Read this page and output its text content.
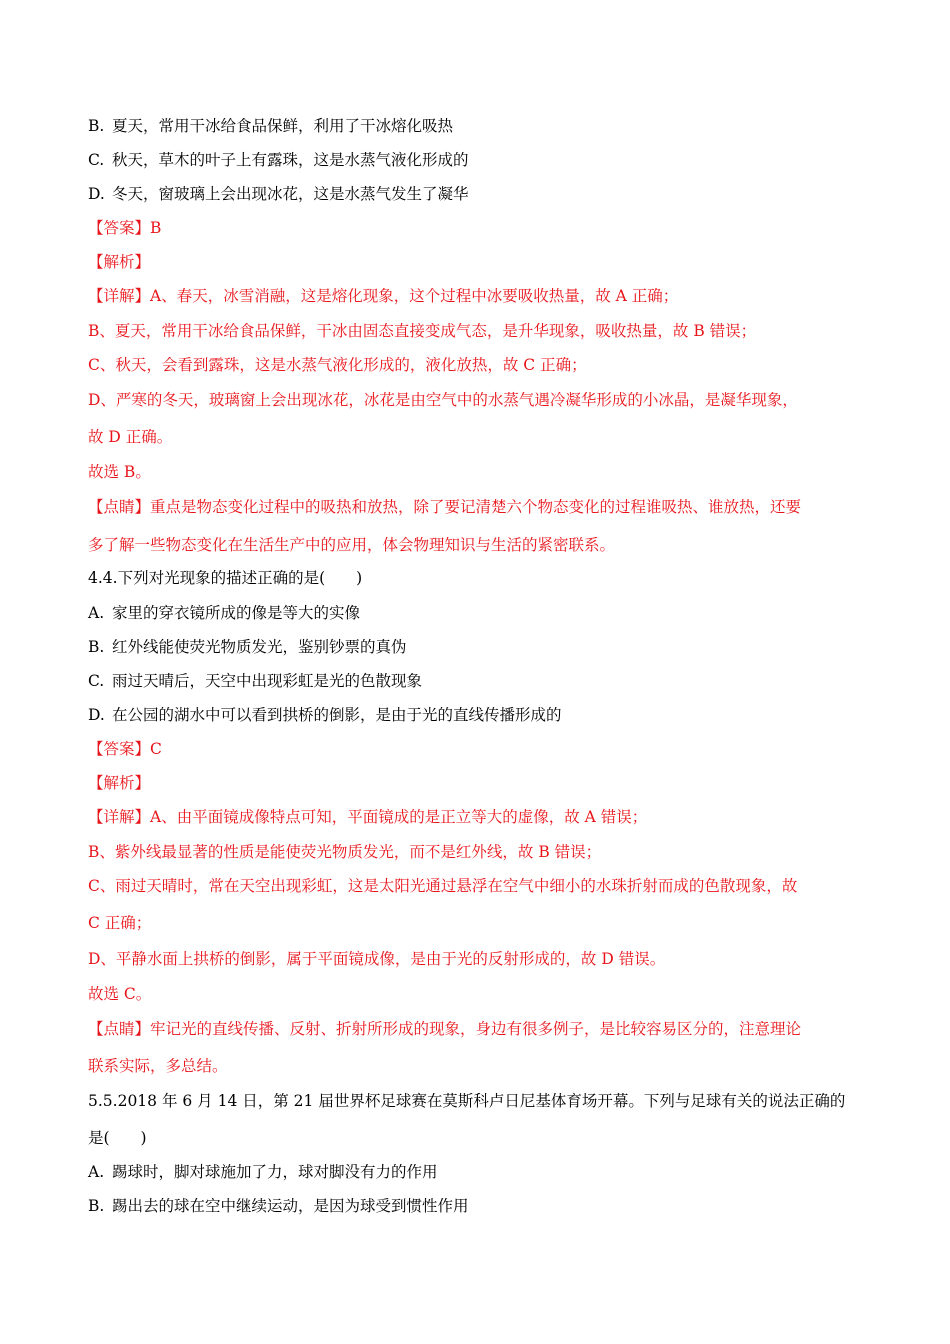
B. 夏天，常用干冰给食品保鲜，利用了干冰熔化吸热
C. 秋天，草木的叶子上有露珠，这是水蒸气液化形成的
D. 冬天，窗玻璃上会出现冰花，这是水蒸气发生了凝华
【答案】B
【解析】
【详解】A、春天，冰雪消融，这是熔化现象，这个过程中冰要吸收热量，故 A 正确；
B、夏天，常用干冰给食品保鲜，干冰由固态直接变成气态，是升华现象，吸收热量，故 B 错误；
C、秋天，会看到露珠，这是水蒸气液化形成的，液化放热，故 C 正确；
D、严寒的冬天，玻璃窗上会出现冰花，冰花是由空气中的水蒸气遇冷凝华形成的小冰晶，是凝华现象，
故 D 正确。
故选 B。
【点睛】重点是物态变化过程中的吸热和放热，除了要记清楚六个物态变化的过程谁吸热、谁放热，还要
多了解一些物态变化在生活生产中的应用，体会物理知识与生活的紧密联系。
4.4.下列对光现象的描述正确的是(　　)
A. 家里的穿衣镜所成的像是等大的实像
B. 红外线能使荧光物质发光，鉴别钞票的真伪
C. 雨过天晴后，天空中出现彩虹是光的色散现象
D. 在公园的湖水中可以看到拱桥的倒影，是由于光的直线传播形成的
【答案】C
【解析】
【详解】A、由平面镜成像特点可知，平面镜成的是正立等大的虚像，故 A 错误；
B、紫外线最显著的性质是能使荧光物质发光，而不是红外线，故 B 错误；
C、雨过天晴时，常在天空出现彩虹，这是太阳光通过悬浮在空气中细小的水珠折射而成的色散现象，故
C 正确；
D、平静水面上拱桥的倒影，属于平面镜成像，是由于光的反射形成的，故 D 错误。
故选 C。
【点睛】牢记光的直线传播、反射、折射所形成的现象，身边有很多例子，是比较容易区分的，注意理论
联系实际，多总结。
5.5.2018 年 6 月 14 日，第 21 届世界杯足球赛在莫斯科卢日尼基体育场开幕。下列与足球有关的说法正确的
是(　　)
A. 踢球时，脚对球施加了力，球对脚没有力的作用
B. 踢出去的球在空中继续运动，是因为球受到惯性作用
